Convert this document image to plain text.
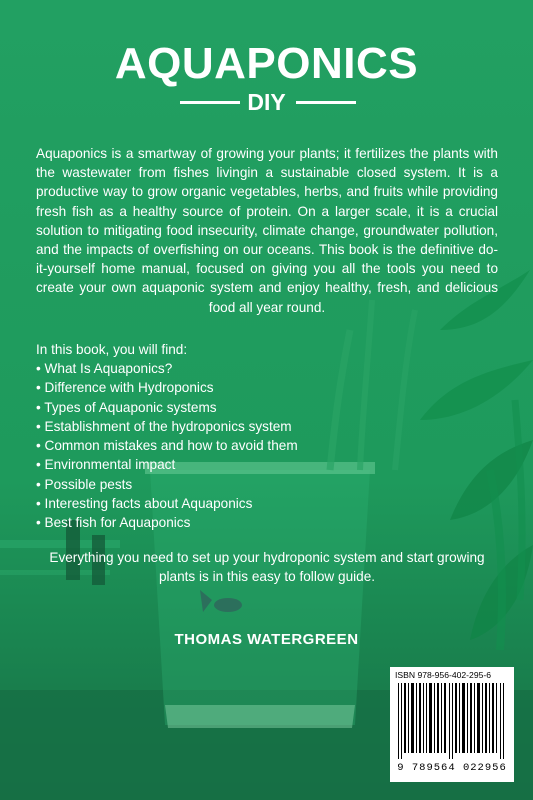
AQUAPONICS
DIY
Aquaponics is a smartway of growing your plants; it fertilizes the plants with the wastewater from fishes livingin a sustainable closed system. It is a productive way to grow organic vegetables, herbs, and fruits while providing fresh fish as a healthy source of protein. On a larger scale, it is a crucial solution to mitigating food insecurity, climate change, groundwater pollution, and the impacts of overfishing on our oceans. This book is the definitive do-it-yourself home manual, focused on giving you all the tools you need to create your own aquaponic system and enjoy healthy, fresh, and delicious food all year round.
In this book, you will find:
• What Is Aquaponics?
• Difference with Hydroponics
• Types of Aquaponic systems
• Establishment of the hydroponics system
• Common mistakes and how to avoid them
• Environmental impact
• Possible pests
• Interesting facts about Aquaponics
• Best fish for Aquaponics
Everything you need to set up your hydroponic system and start growing plants is in this easy to follow guide.
THOMAS WATERGREEN
ISBN 978-956-402-295-6
9 789564 022956
